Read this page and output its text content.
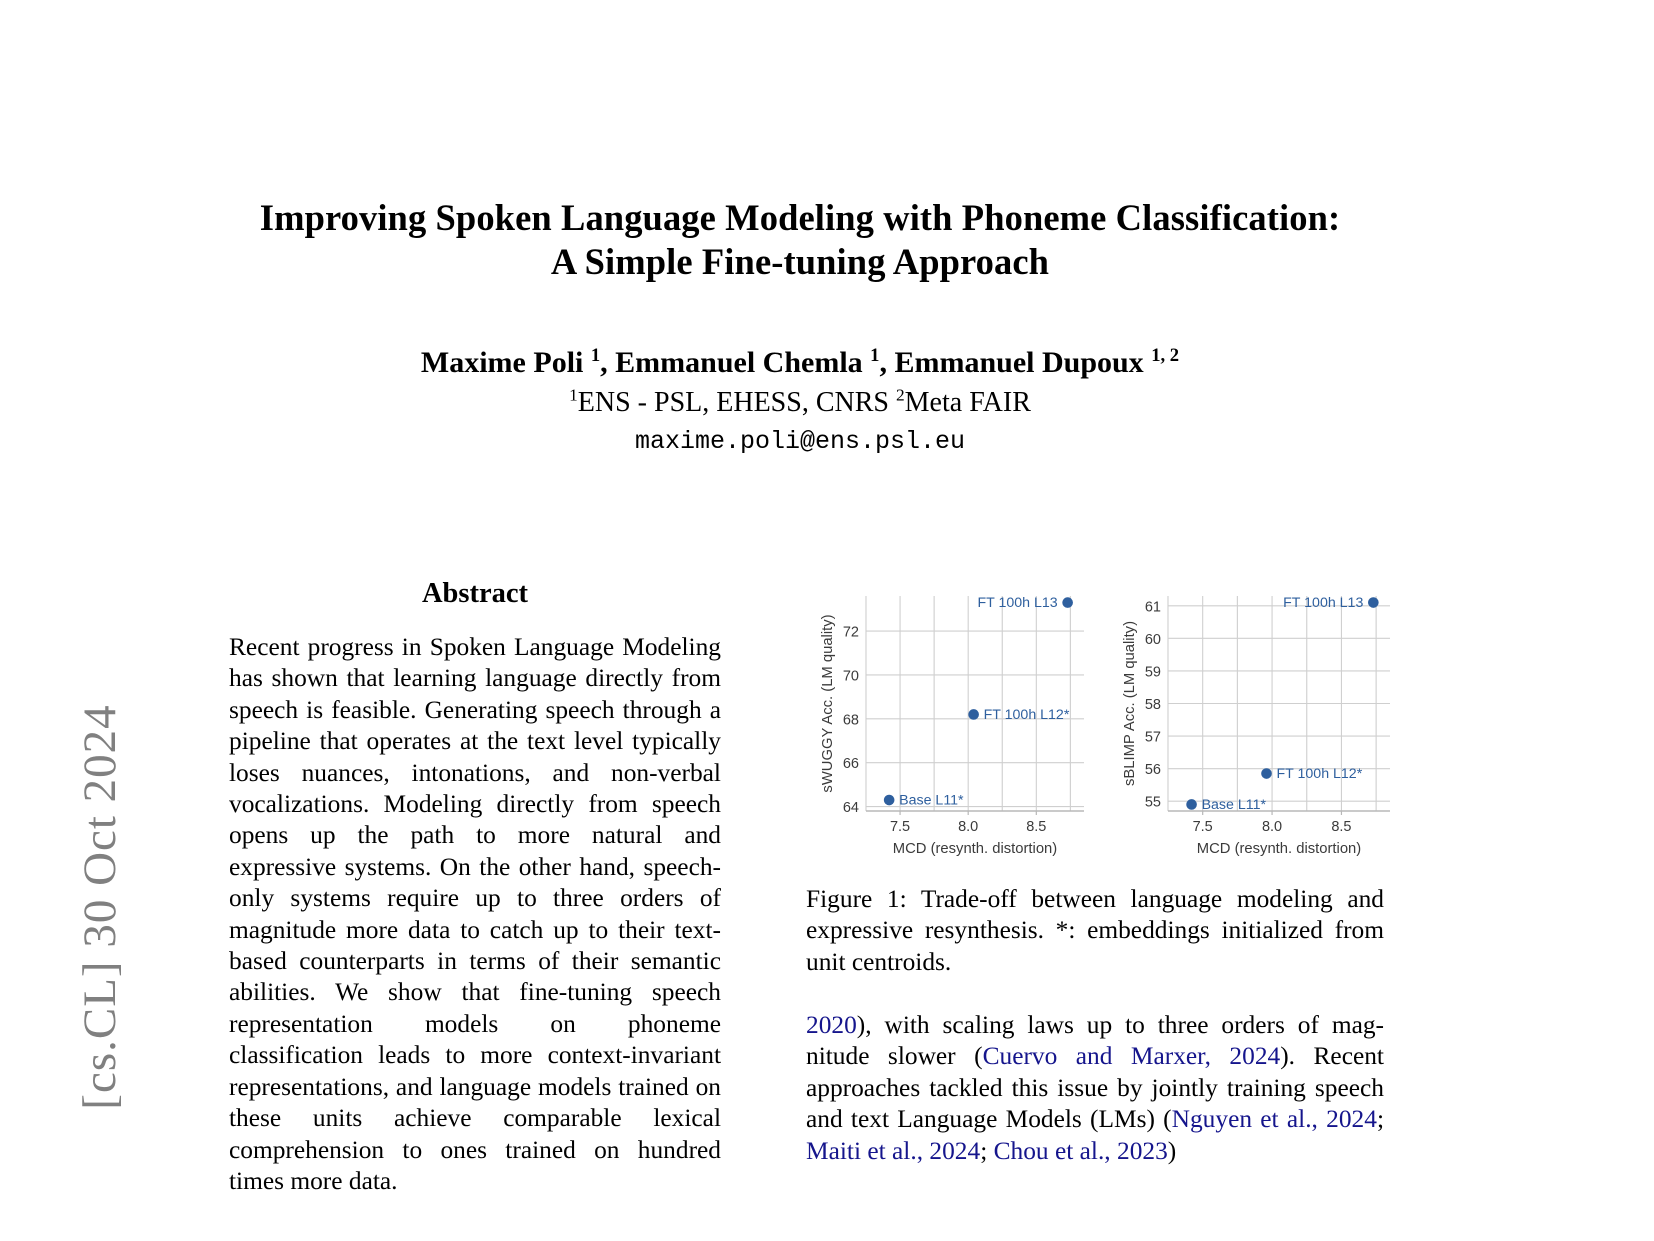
[cs.CL] 30 Oct 2024
Improving Spoken Language Modeling with Phoneme Classification:
A Simple Fine-tuning Approach
Maxime Poli $^1$, Emmanuel Chemla $^1$, Emmanuel Dupoux $^{1, 2}$
$^1$ENS - PSL, EHESS, CNRS $^2$Meta FAIR
maxime.poli@ens.psl.eu
Abstract

Recent progress in Spoken Language Modeling has shown that learning language directly from speech is feasible. Generating speech through a pipeline that operates at the text level typically loses nuances, intonations, and non-verbal vocalizations. Modeling directly from speech opens up the path to more natural and expressive systems. On the other hand, speech-only systems require up to three orders of magnitude more data to catch up to their text-based counterparts in terms of their semantic abilities. We show that fine-tuning speech representation models on phoneme classification leads to more context-invariant representations, and language models trained on these units achieve comparable lexical comprehension to ones trained on hundred times more data.

64
66
68
70
72
7.5	8.0	8.5
MCD (resynth. distortion)
sWUGGY Acc. (LM quality)
Base L11*
FT 100h L12*
FT 100h L13
55
56
57
58
59
60
61
7.5	8.0	8.5
MCD (resynth. distortion)
sBLIMP Acc. (LM quality)
Base L11*
FT 100h L12*
FT 100h L13

Figure 1: Trade-off between language modeling and expressive resynthesis. *: embeddings initialized from unit centroids.

2020), with scaling laws up to three orders of mag-nitude slower (Cuervo and Marxer, 2024). Recent approaches tackled this issue by jointly training speech and text Language Models (LMs) (Nguyen et al., 2024; Maiti et al., 2024; Chou et al., 2023)
